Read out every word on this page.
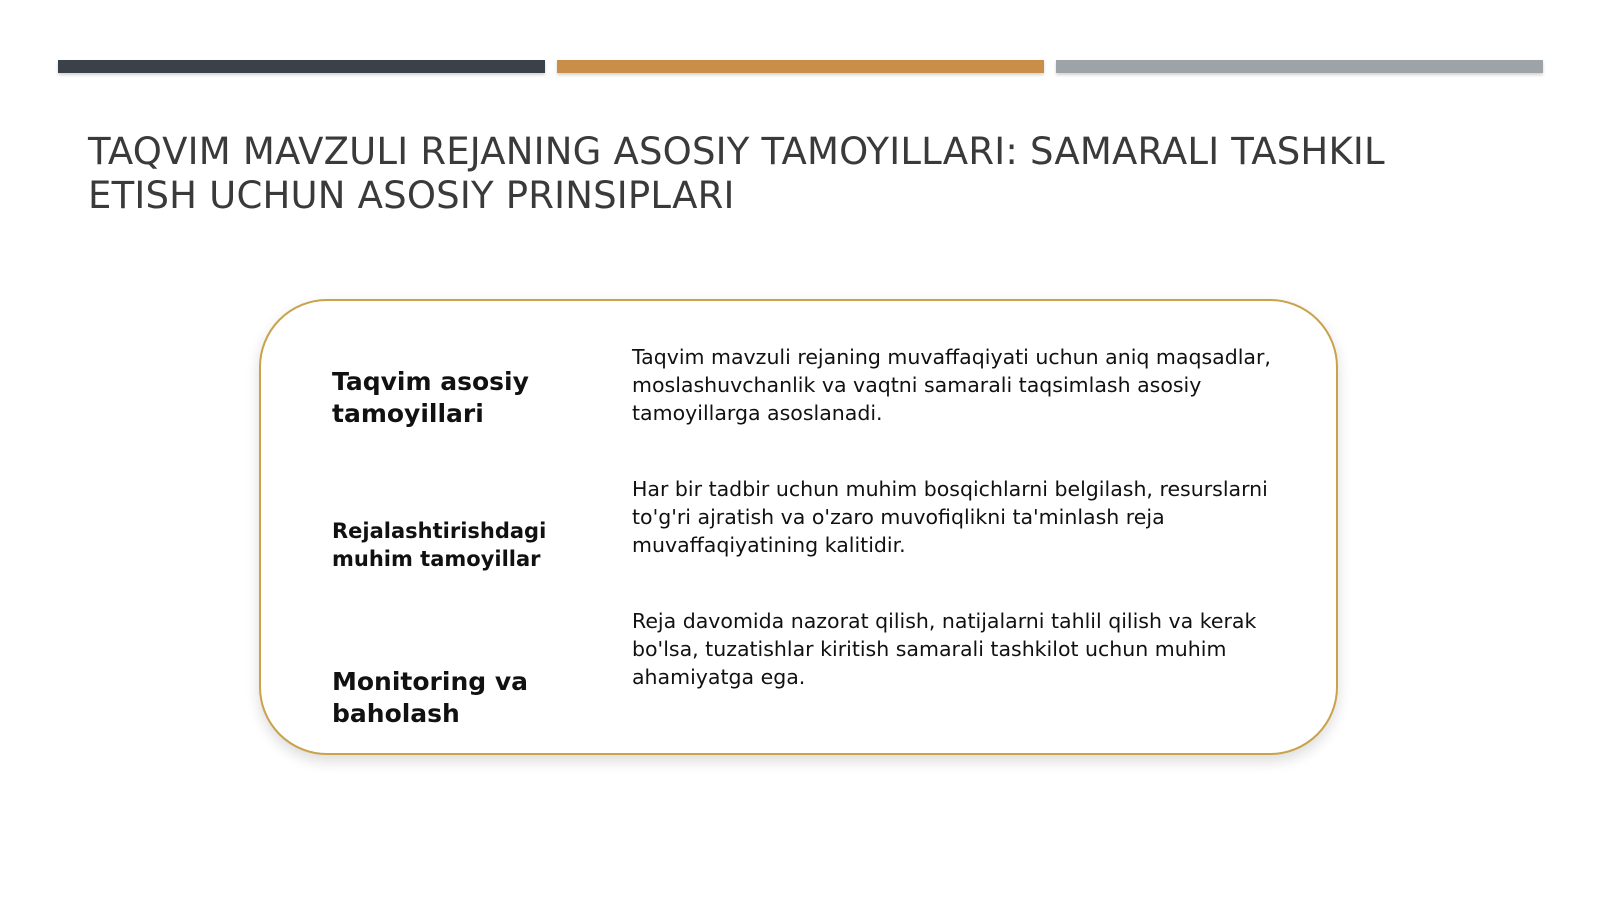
TAQVIM MAVZULI REJANING ASOSIY TAMOYILLARI: SAMARALI TASHKIL
ETISH UCHUN ASOSIY PRINSIPLARI

Taqvim asosiy tamoyillari

Taqvim mavzuli rejaning muvaffaqiyati uchun aniq maqsadlar, moslashuvchanlik va vaqtni samarali taqsimlash asosiy tamoyillarga asoslanadi.

Rejalashtirishdagi muhim tamoyillar

Har bir tadbir uchun muhim bosqichlarni belgilash, resurslarni to'g'ri ajratish va o'zaro muvofiqlikni ta'minlash reja muvaffaqiyatining kalitidir.

Monitoring va baholash

Reja davomida nazorat qilish, natijalarni tahlil qilish va kerak bo'lsa, tuzatishlar kiritish samarali tashkilot uchun muhim ahamiyatga ega.
